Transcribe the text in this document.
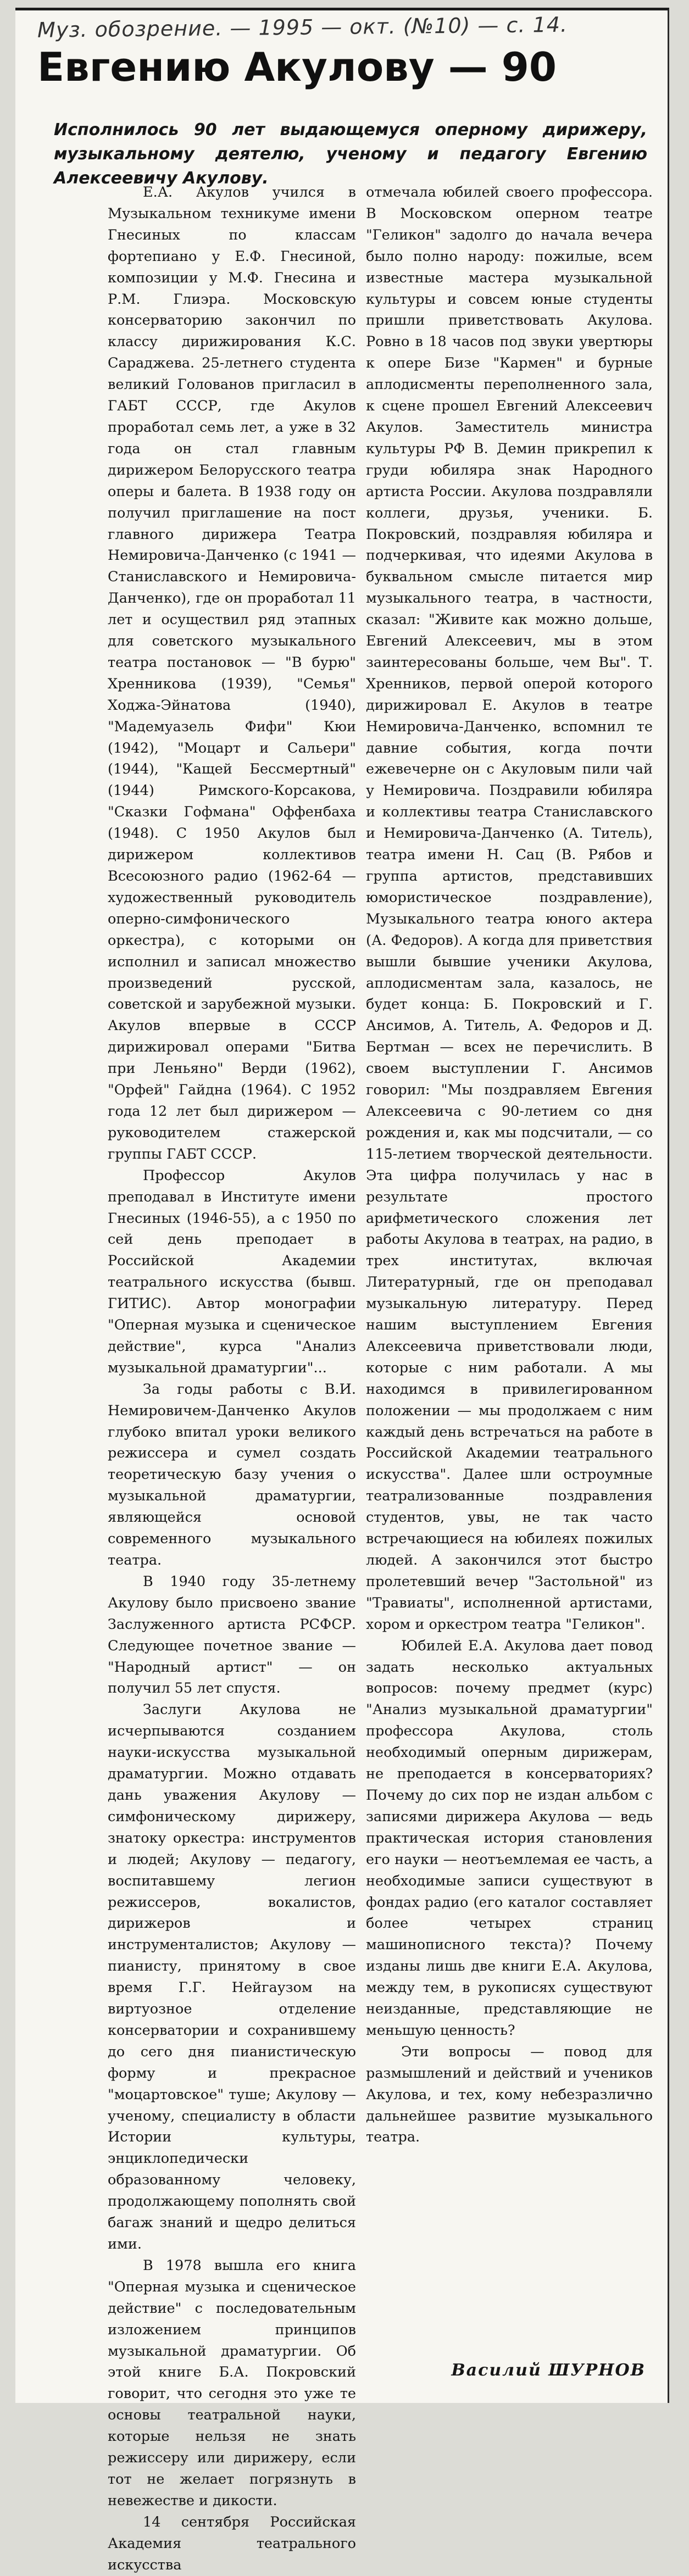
Муз. обозрение. — 1995 — окт. (№10) — с. 14.
Евгению Акулову — 90
Исполнилось 90 лет выдающемуся оперному дирижеру, музыкальному деятелю, ученому и педагогу Евгению Алексеевичу Акулову.

Е.А. Акулов учился в Музыкальном техникуме имени Гнесиных по классам фортепиано у Е.Ф. Гнесиной, композиции у М.Ф. Гнесина и Р.М. Глиэра. Московскую консерваторию закончил по классу дирижирования К.С. Сараджева. 25-летнего студента великий Голованов пригласил в ГАБТ СССР, где Акулов проработал семь лет, а уже в 32 года он стал главным дирижером Белорусского театра оперы и балета. В 1938 году он получил приглашение на пост главного дирижера Театра Немировича-Данченко (с 1941 — Станиславского и Немировича-Данченко), где он проработал 11 лет и осуществил ряд этапных для советского музыкального театра постановок — "В бурю" Хренникова (1939), "Семья" Ходжа-Эйнатова (1940), "Мадемуазель Фифи" Кюи (1942), "Моцарт и Сальери" (1944), "Кащей Бессмертный" (1944) Римского-Корсакова, "Сказки Гофмана" Оффенбаха (1948). С 1950 Акулов был дирижером коллективов Всесоюзного радио (1962-64 — художественный руководитель оперно-симфонического оркестра), с которыми он исполнил и записал множество произведений русской, советской и зарубежной музыки. Акулов впервые в СССР дирижировал операми "Битва при Леньяно" Верди (1962), "Орфей" Гайдна (1964). С 1952 года 12 лет был дирижером — руководителем стажерской группы ГАБТ СССР.

Профессор Акулов преподавал в Институте имени Гнесиных (1946-55), а с 1950 по сей день преподает в Российской Академии театрального искусства (бывш. ГИТИС). Автор монографии "Оперная музыка и сценическое действие", курса "Анализ музыкальной драматургии"...

За годы работы с В.И. Немировичем-Данченко Акулов глубоко впитал уроки великого режиссера и сумел создать теоретическую базу учения о музыкальной драматургии, являющейся основой современного музыкального театра.

В 1940 году 35-летнему Акулову было присвоено звание Заслуженного артиста РСФСР. Следующее почетное звание — "Народный артист" — он получил 55 лет спустя.

Заслуги Акулова не исчерпываются созданием науки-искусства музыкальной драматургии. Можно отдавать дань уважения Акулову — симфоническому дирижеру, знатоку оркестра: инструментов и людей; Акулову — педагогу, воспитавшему легион режиссеров, вокалистов, дирижеров и инструменталистов; Акулову — пианисту, принятому в свое время Г.Г. Нейгаузом на виртуозное отделение консерватории и сохранившему до сего дня пианистическую форму и прекрасное "моцартовское" туше; Акулову — ученому, специалисту в области Истории культуры, энциклопедически образованному человеку, продолжающему пополнять свой багаж знаний и щедро делиться ими.

В 1978 вышла его книга "Оперная музыка и сценическое действие" с последовательным изложением принципов музыкальной драматургии. Об этой книге Б.А. Покровский говорит, что сегодня это уже те основы театральной науки, которые нельзя не знать режиссеру или дирижеру, если тот не желает погрязнуть в невежестве и дикости.

14 сентября Российская Академия театрального искусства

отмечала юбилей своего профессора. В Московском оперном театре "Геликон" задолго до начала вечера было полно народу: пожилые, всем известные мастера музыкальной культуры и совсем юные студенты пришли приветствовать Акулова. Ровно в 18 часов под звуки увертюры к опере Бизе "Кармен" и бурные аплодисменты переполненного зала, к сцене прошел Евгений Алексеевич Акулов. Заместитель министра культуры РФ В. Демин прикрепил к груди юбиляра знак Народного артиста России. Акулова поздравляли коллеги, друзья, ученики. Б. Покровский, поздравляя юбиляра и подчеркивая, что идеями Акулова в буквальном смысле питается мир музыкального театра, в частности, сказал: "Живите как можно дольше, Евгений Алексеевич, мы в этом заинтересованы больше, чем Вы". Т. Хренников, первой оперой которого дирижировал Е. Акулов в театре Немировича-Данченко, вспомнил те давние события, когда почти ежевечерне он с Акуловым пили чай у Немировича. Поздравили юбиляра и коллективы театра Станиславского и Немировича-Данченко (А. Титель), театра имени Н. Сац (В. Рябов и группа артистов, представивших юмористическое поздравление), Музыкального театра юного актера (А. Федоров). А когда для приветствия вышли бывшие ученики Акулова, аплодисментам зала, казалось, не будет конца: Б. Покровский и Г. Ансимов, А. Титель, А. Федоров и Д. Бертман — всех не перечислить. В своем выступлении Г. Ансимов говорил: "Мы поздравляем Евгения Алексеевича с 90-летием со дня рождения и, как мы подсчитали, — со 115-летием творческой деятельности. Эта цифра получилась у нас в результате простого арифметического сложения лет работы Акулова в театрах, на радио, в трех институтах, включая Литературный, где он преподавал музыкальную литературу. Перед нашим выступлением Евгения Алексеевича приветствовали люди, которые с ним работали. А мы находимся в привилегированном положении — мы продолжаем с ним каждый день встречаться на работе в Российской Академии театрального искусства". Далее шли остроумные театрализованные поздравления студентов, увы, не так часто встречающиеся на юбилеях пожилых людей. А закончился этот быстро пролетевший вечер "Застольной" из "Травиаты", исполненной артистами, хором и оркестром театра "Геликон".

Юбилей Е.А. Акулова дает повод задать несколько актуальных вопросов: почему предмет (курс) "Анализ музыкальной драматургии" профессора Акулова, столь необходимый оперным дирижерам, не преподается в консерваториях? Почему до сих пор не издан альбом с записями дирижера Акулова — ведь практическая история становления его науки — неотъемлемая ее часть, а необходимые записи существуют в фондах радио (его каталог составляет более четырех страниц машинописного текста)? Почему изданы лишь две книги Е.А. Акулова, между тем, в рукописях существуют неизданные, представляющие не меньшую ценность?

Эти вопросы — повод для размышлений и действий и учеников Акулова, и тех, кому небезразлично дальнейшее развитие музыкального театра.

Василий ШУРНОВ
